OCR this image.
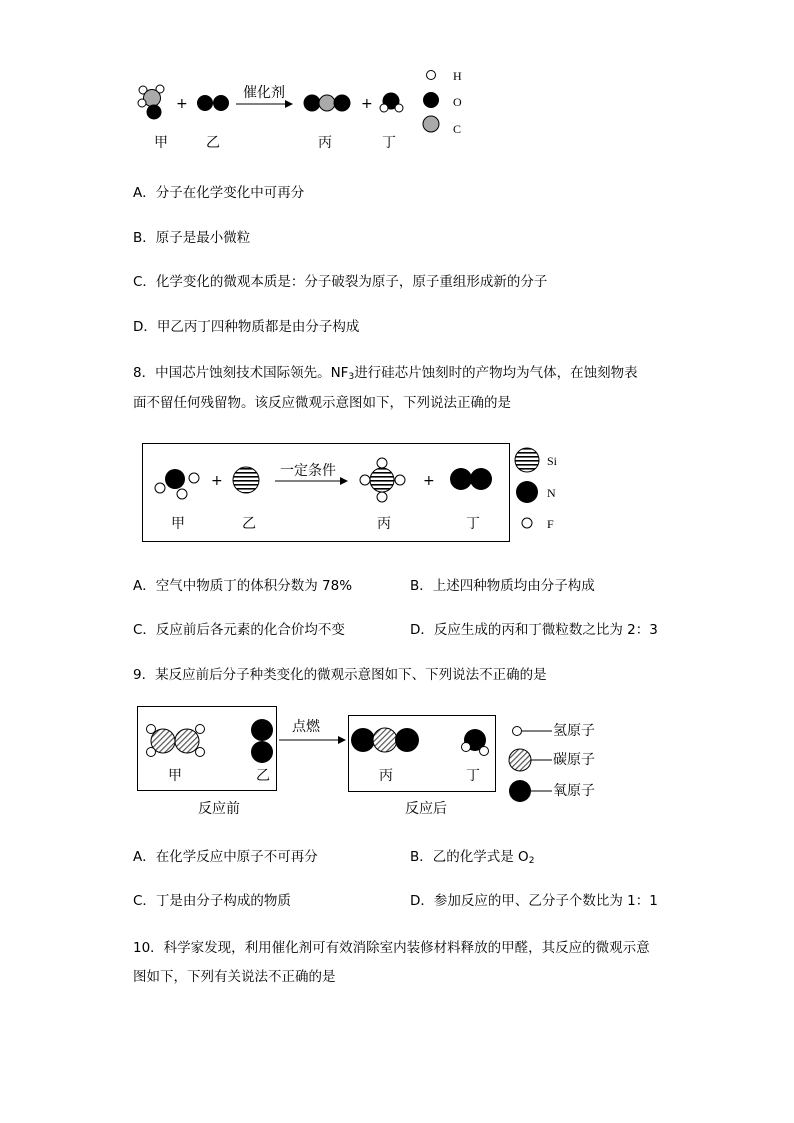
+	+
催化剂
甲	乙	丙	丁
H
O
C
A．分子在化学变化中可再分
B．原子是最小微粒
C．化学变化的微观本质是：分子破裂为原子，原子重组形成新的分子
D．甲乙丙丁四种物质都是由分子构成
8．中国芯片蚀刻技术国际领先。$NF_3$进行硅芯片蚀刻时的产物均为气体，在蚀刻物表
面不留任何残留物。该反应微观示意图如下，下列说法正确的是
+	+
一定条件
甲	乙	丙	丁
Si
N
F
A．空气中物质丁的体积分数为 78%	B．上述四种物质均由分子构成
C．反应前后各元素的化合价均不变	D．反应生成的丙和丁微粒数之比为 2：3
9．某反应前后分子种类变化的微观示意图如下、下列说法不正确的是
点燃
甲	乙	丙	丁
反应前	反应后
氢原子
碳原子
氧原子
A．在化学反应中原子不可再分	B．乙的化学式是 $O_2$
C．丁是由分子构成的物质	D．参加反应的甲、乙分子个数比为 1：1
10．科学家发现，利用催化剂可有效消除室内装修材料释放的甲醛，其反应的微观示意
图如下，下列有关说法不正确的是
